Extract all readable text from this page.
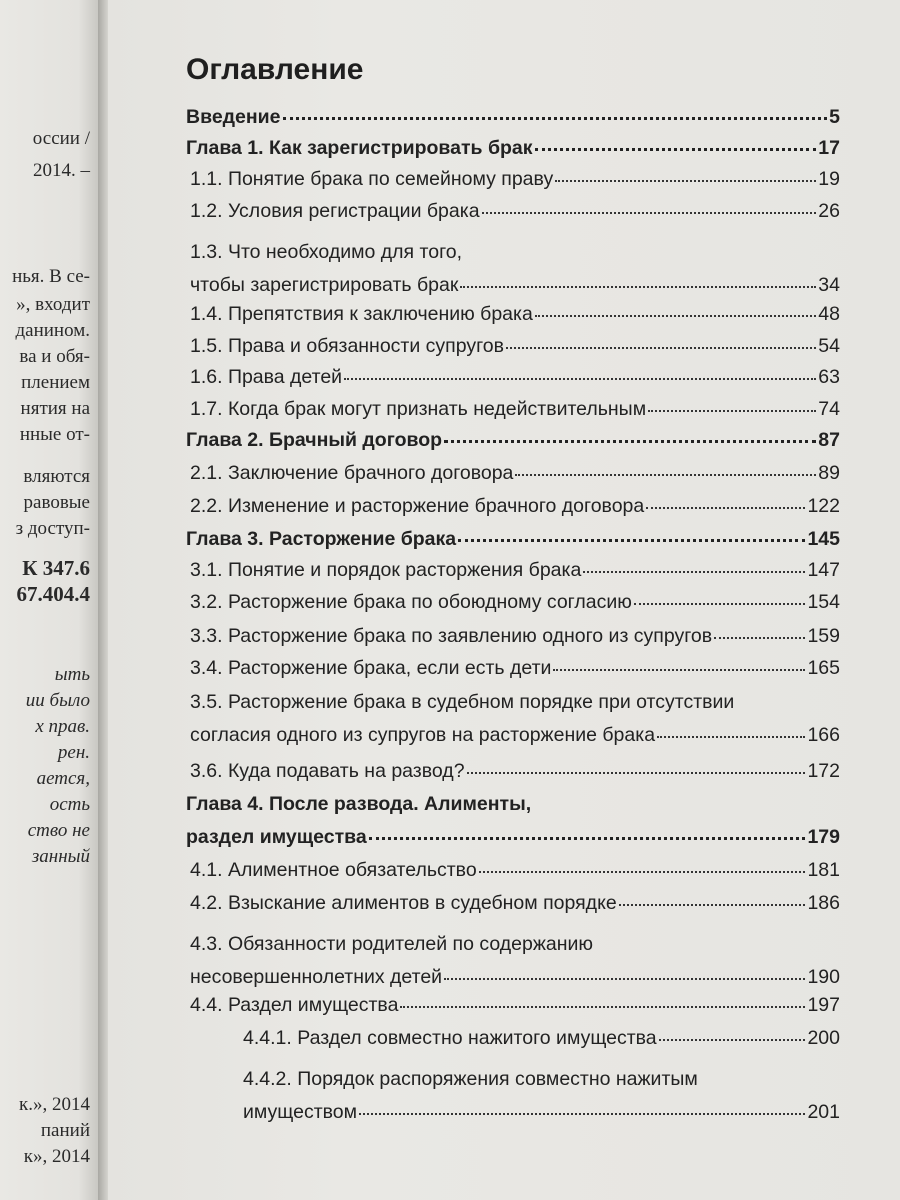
оссии /
2014. –
нья. В се-
», входит
данином.
ва и обя-
плением
нятия на
нные от-
вляются
равовые
з доступ-
К 347.6
67.404.4
ыть
ии было
х прав.
рен.
ается,
ость
ство не
занный
к.», 2014
паний
к», 2014
Оглавление
Введение	5
Глава 1. Как зарегистрировать брак	17
1.1. Понятие брака по семейному праву	19
1.2. Условия регистрации брака	26
1.3. Что необходимо для того,
чтобы зарегистрировать брак	34
1.4. Препятствия к заключению брака	48
1.5. Права и обязанности супругов	54
1.6. Права детей	63
1.7. Когда брак могут признать недействительным	74
Глава 2. Брачный договор	87
2.1. Заключение брачного договора	89
2.2. Изменение и расторжение брачного договора	122
Глава 3. Расторжение брака	145
3.1. Понятие и порядок расторжения брака	147
3.2. Расторжение брака по обоюдному согласию	154
3.3. Расторжение брака по заявлению одного из супругов	159
3.4. Расторжение брака, если есть дети	165
3.5. Расторжение брака в судебном порядке при отсутствии
согласия одного из супругов на расторжение брака	166
3.6. Куда подавать на развод?	172
Глава 4. После развода. Алименты,
раздел имущества	179
4.1. Алиментное обязательство	181
4.2. Взыскание алиментов в судебном порядке	186
4.3. Обязанности родителей по содержанию
несовершеннолетних детей	190
4.4. Раздел имущества	197
4.4.1. Раздел совместно нажитого имущества	200
4.4.2. Порядок распоряжения совместно нажитым
имуществом	201
